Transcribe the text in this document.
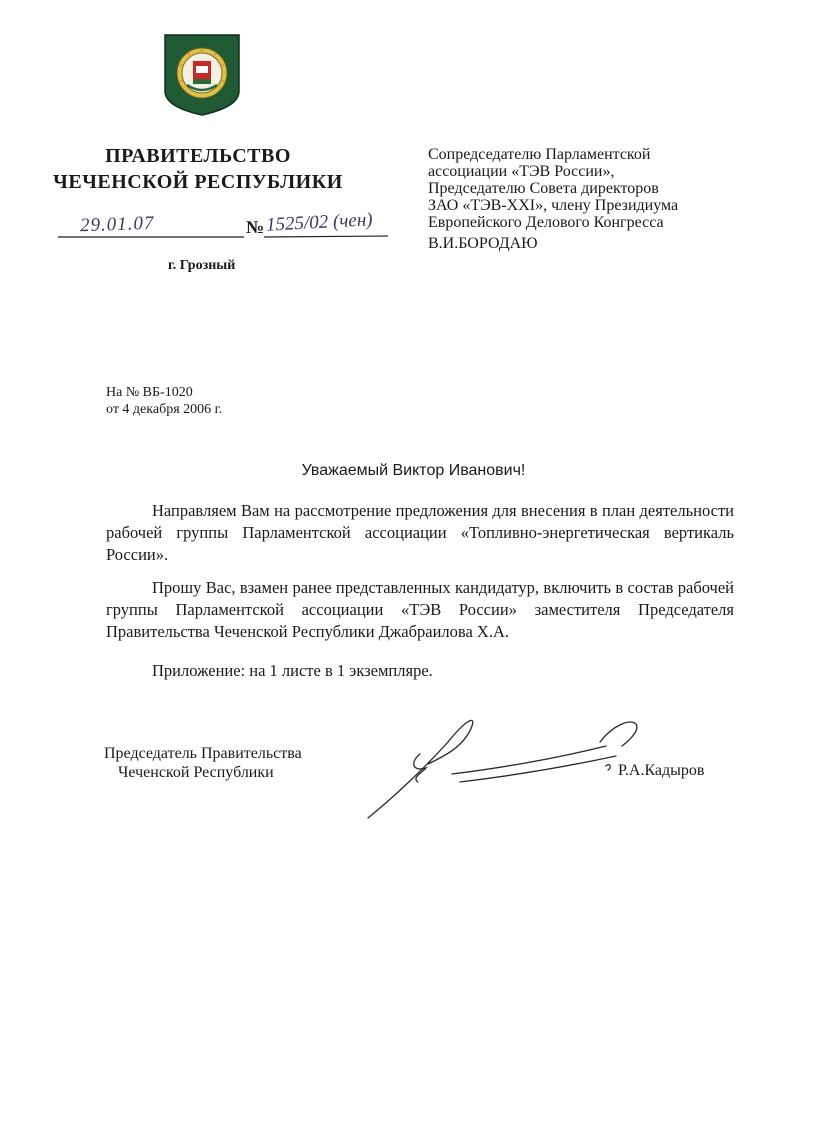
ПРАВИТЕЛЬСТВО
ЧЕЧЕНСКОЙ РЕСПУБЛИКИ
29.01.07	№ 1525/02 (чен)
г. Грозный
Сопредседателю Парламентской
ассоциации «ТЭВ России»,
Председателю Совета директоров
ЗАО «ТЭВ-XXI», члену Президиума
Европейского Делового Конгресса
В.И.БОРОДАЮ
На № ВБ-1020
от 4 декабря 2006 г.
Уважаемый Виктор Иванович!

Направляем Вам на рассмотрение предложения для внесения в план деятельности рабочей группы Парламентской ассоциации «Топливно-энергетическая вертикаль России».

Прошу Вас, взамен ранее представленных кандидатур, включить в состав рабочей группы Парламентской ассоциации «ТЭВ России» заместителя Председателя Правительства Чеченской Республики Джабраилова Х.А.

Приложение: на 1 листе в 1 экземпляре.

Председатель Правительства
Чеченской Республики	Р.А.Кадыров
